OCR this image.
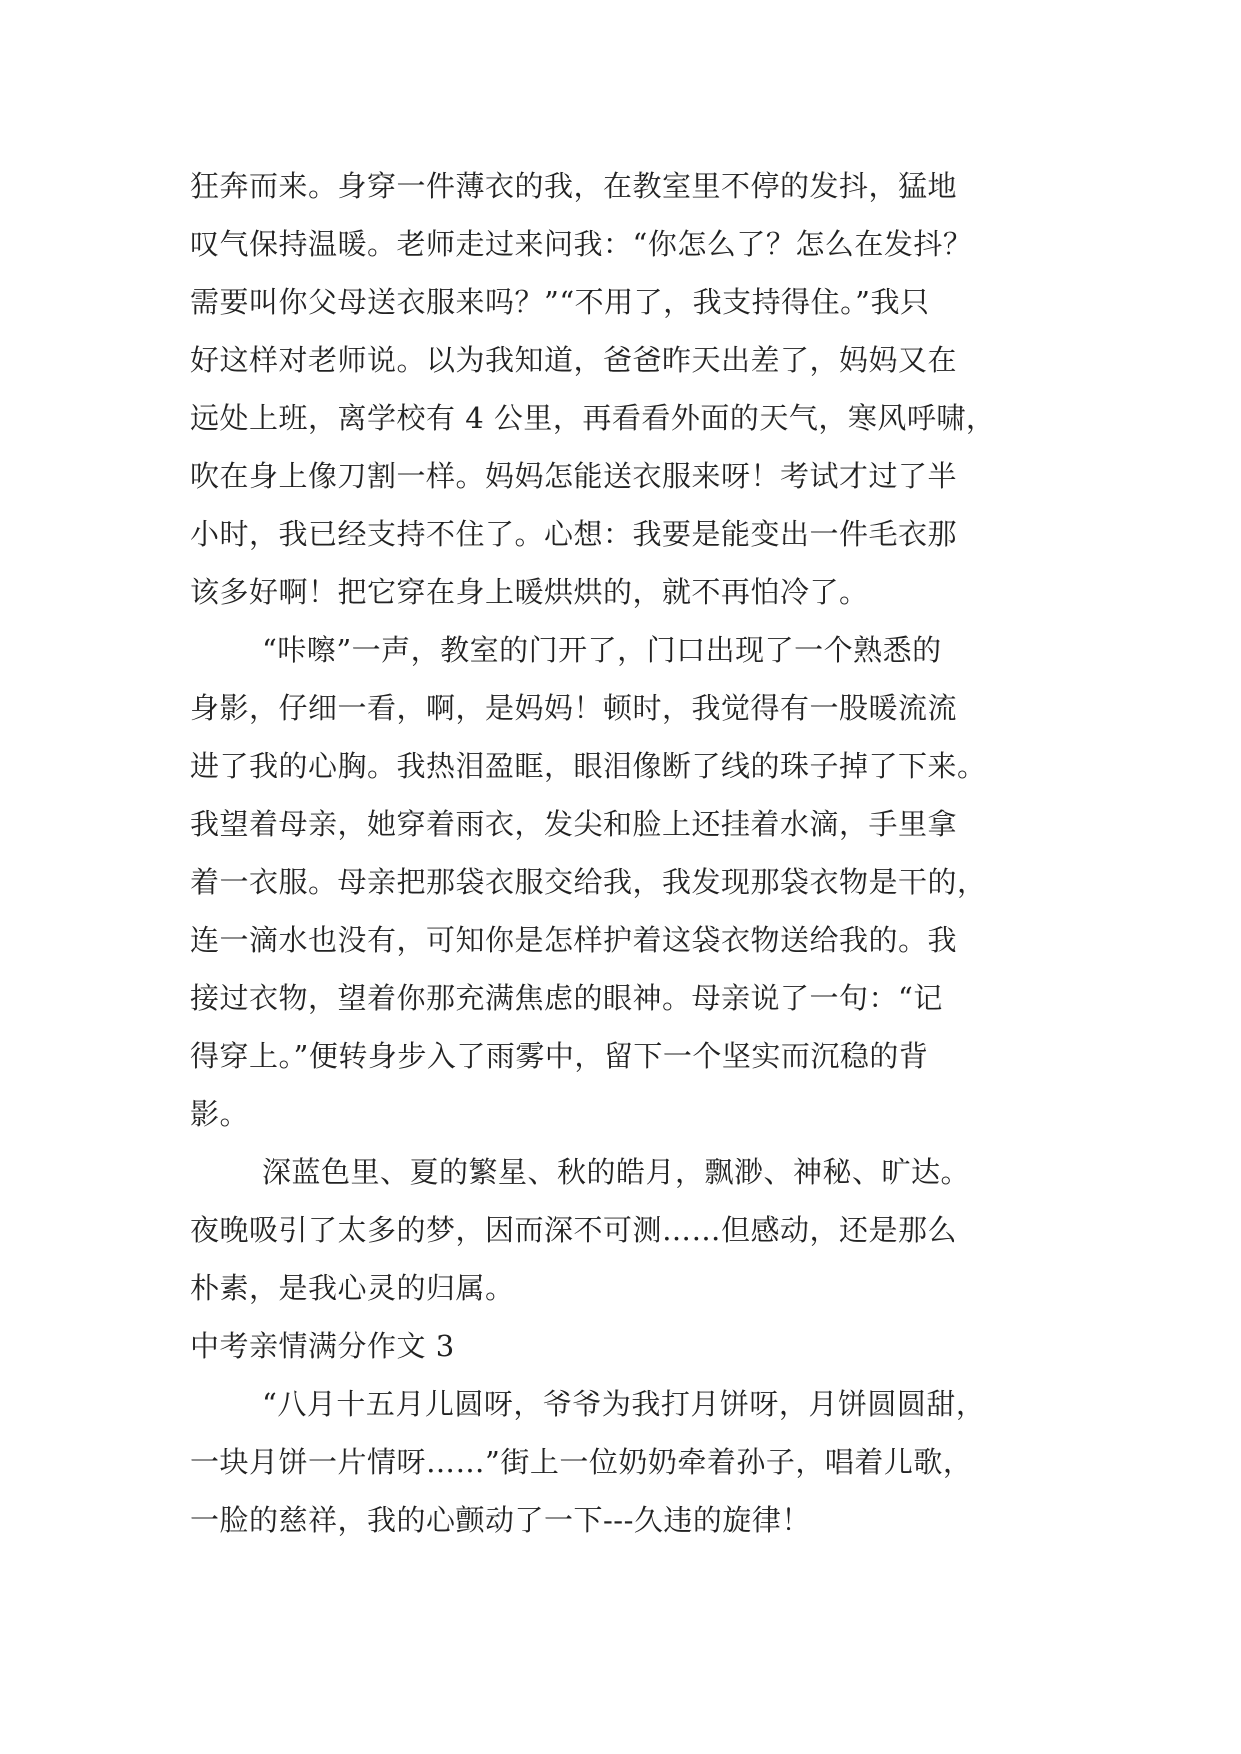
狂奔而来。身穿一件薄衣的我，在教室里不停的发抖，猛地
叹气保持温暖。老师走过来问我：“你怎么了？怎么在发抖？
需要叫你父母送衣服来吗？”“不用了，我支持得住。”我只
好这样对老师说。以为我知道，爸爸昨天出差了，妈妈又在
远处上班，离学校有 4 公里，再看看外面的天气，寒风呼啸，
吹在身上像刀割一样。妈妈怎能送衣服来呀！考试才过了半
小时，我已经支持不住了。心想：我要是能变出一件毛衣那
该多好啊！把它穿在身上暖烘烘的，就不再怕冷了。
“咔嚓”一声，教室的门开了，门口出现了一个熟悉的
身影，仔细一看，啊，是妈妈！顿时，我觉得有一股暖流流
进了我的心胸。我热泪盈眶，眼泪像断了线的珠子掉了下来。
我望着母亲，她穿着雨衣，发尖和脸上还挂着水滴，手里拿
着一衣服。母亲把那袋衣服交给我，我发现那袋衣物是干的，
连一滴水也没有，可知你是怎样护着这袋衣物送给我的。我
接过衣物，望着你那充满焦虑的眼神。母亲说了一句：“记
得穿上。”便转身步入了雨雾中，留下一个坚实而沉稳的背
影。
深蓝色里、夏的繁星、秋的皓月，飘渺、神秘、旷达。
夜晚吸引了太多的梦，因而深不可测……但感动，还是那么
朴素，是我心灵的归属。
中考亲情满分作文 3
“八月十五月儿圆呀，爷爷为我打月饼呀，月饼圆圆甜，
一块月饼一片情呀……”街上一位奶奶牵着孙子，唱着儿歌，
一脸的慈祥，我的心颤动了一下---久违的旋律！
